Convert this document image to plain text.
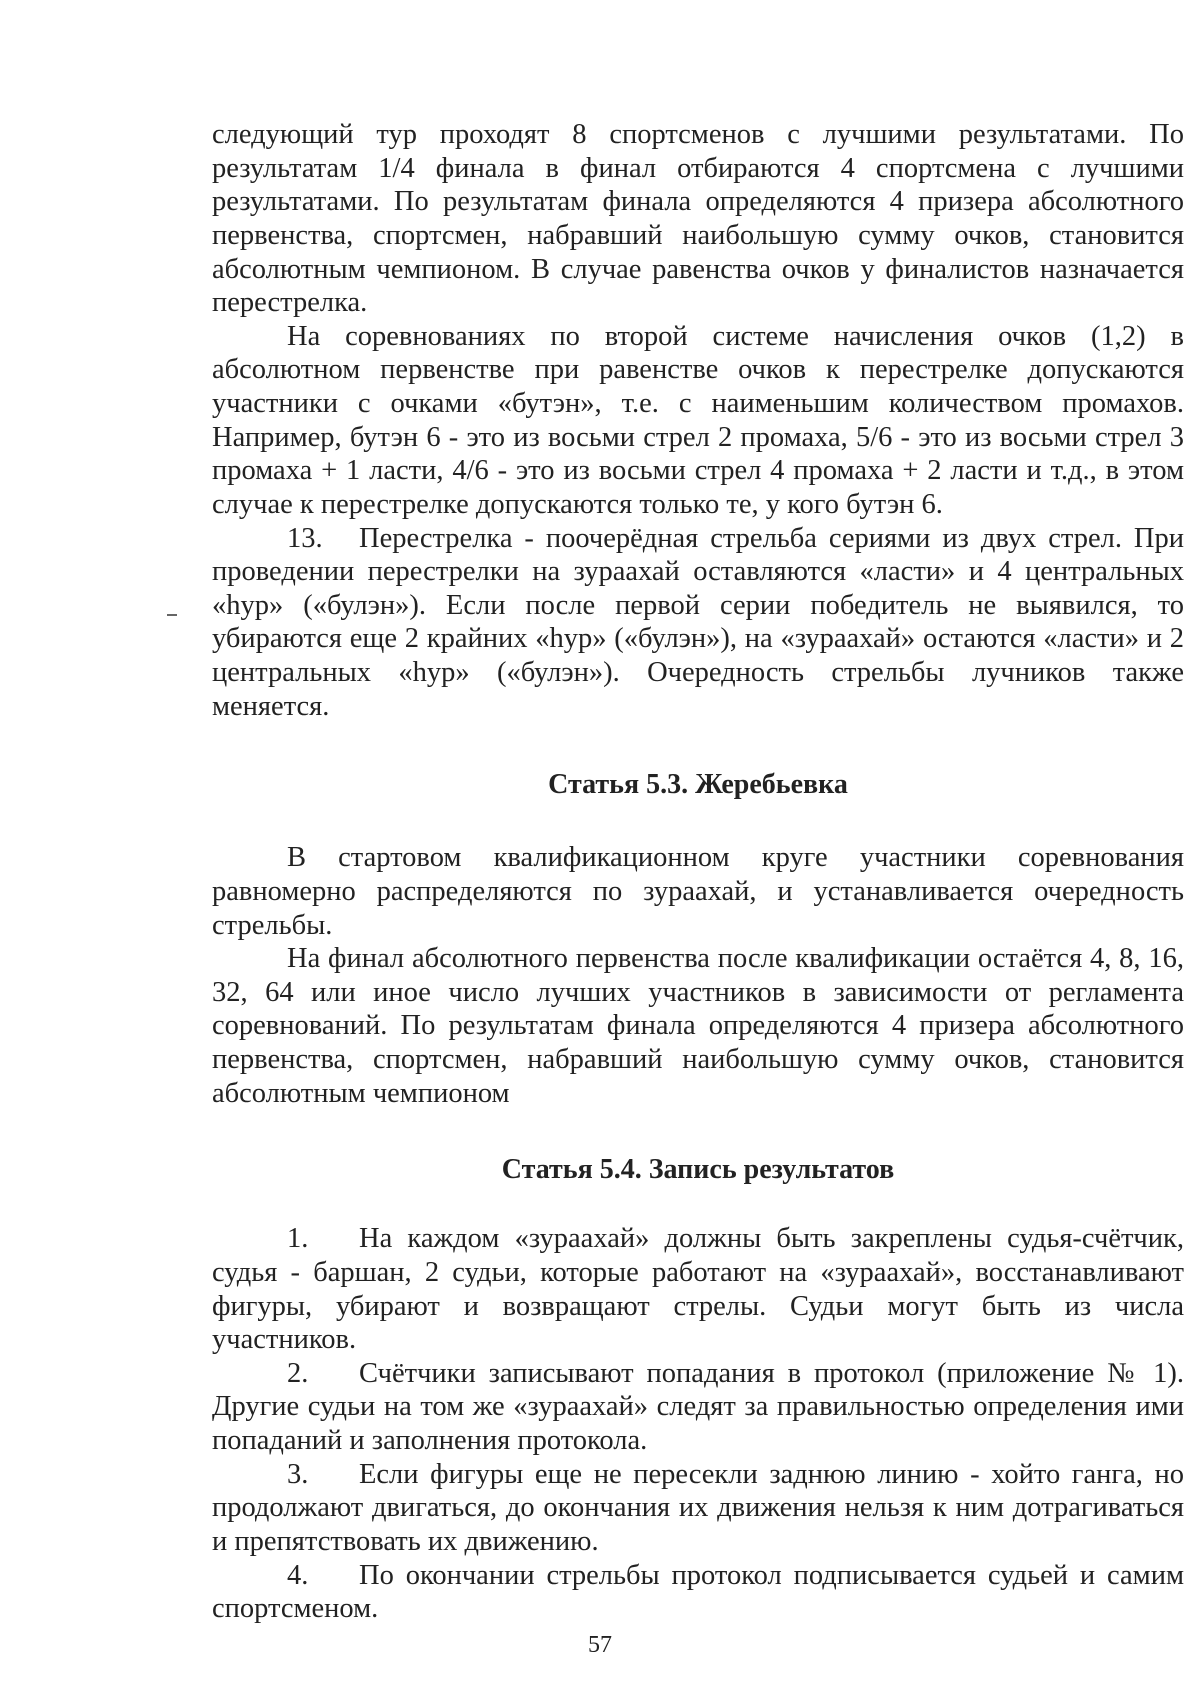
следующий тур проходят 8 спортсменов с лучшими результатами. По результатам 1/4 финала в финал отбираются 4 спортсмена с лучшими результатами. По результатам финала определяются 4 призера абсолютного первенства, спортсмен, набравший наибольшую сумму очков, становится абсолютным чемпионом. В случае равенства очков у финалистов назначается перестрелка.

На соревнованиях по второй системе начисления очков (1,2) в абсолютном первенстве при равенстве очков к перестрелке допускаются участники с очками «бутэн», т.е. с наименьшим количеством промахов. Например, бутэн 6 - это из восьми стрел 2 промаха, 5/6 - это из восьми стрел 3 промаха + 1 ласти, 4/6 - это из восьми стрел 4 промаха + 2 ласти и т.д., в этом случае к перестрелке допускаются только те, у кого бутэн 6.

13. Перестрелка - поочерёдная стрельба сериями из двух стрел. При проведении перестрелки на зураахай оставляются «ласти» и 4 центральных «һур» («булэн»). Если после первой серии победитель не выявился, то убираются еще 2 крайних «һур» («булэн»), на «зураахай» остаются «ласти» и 2 центральных «һур» («булэн»). Очередность стрельбы лучников также меняется.

Статья 5.3. Жеребьевка

В стартовом квалификационном круге участники соревнования равномерно распределяются по зураахай, и устанавливается очередность стрельбы.

На финал абсолютного первенства после квалификации остаётся 4, 8, 16, 32, 64 или иное число лучших участников в зависимости от регламента соревнований. По результатам финала определяются 4 призера абсолютного первенства, спортсмен, набравший наибольшую сумму очков, становится абсолютным чемпионом

Статья 5.4. Запись результатов

1. На каждом «зураахай» должны быть закреплены судья-счётчик, судья - баршан, 2 судьи, которые работают на «зураахай», восстанавливают фигуры, убирают и возвращают стрелы. Судьи могут быть из числа участников.

2. Счётчики записывают попадания в протокол (приложение № 1). Другие судьи на том же «зураахай» следят за правильностью определения ими попаданий и заполнения протокола.

3. Если фигуры еще не пересекли заднюю линию - хойто ганга, но продолжают двигаться, до окончания их движения нельзя к ним дотрагиваться и препятствовать их движению.

4. По окончании стрельбы протокол подписывается судьей и самим спортсменом.

57
